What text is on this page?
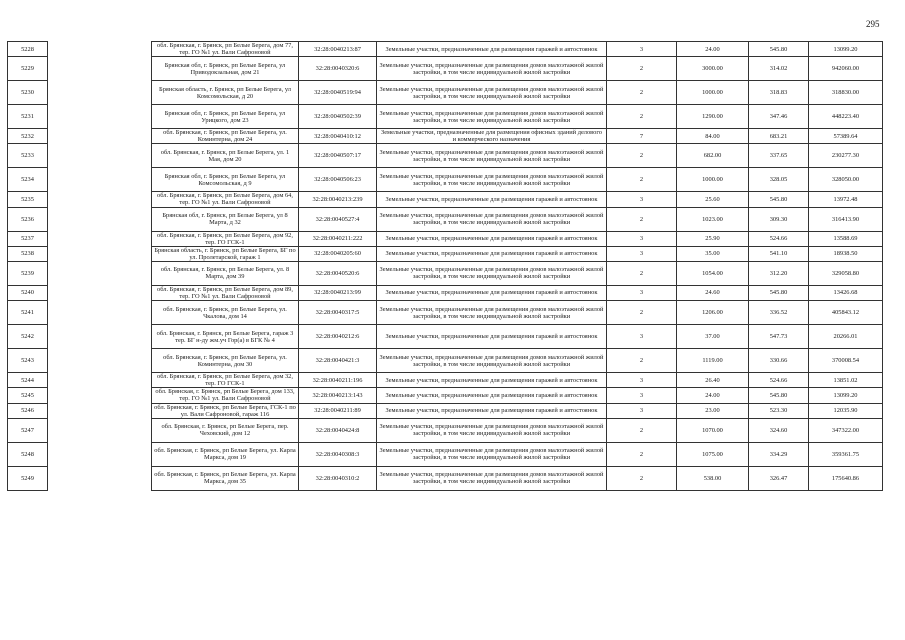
295
5228		обл. Брянская, г. Брянск, рп Белые Берега, дом 77, тер. ГО №1 ул. Вали Сафроновой	32:28:0040213:87	Земельные участки, предназначенные для размещения гаражей и автостоянок	3	24.00	545.80	13099.20
5229		Брянская обл, г. Брянск, рп Белые Берега, ул Приводокзальная, дом 21	32:28:0040320:6	Земельные участки, предназначенные для размещения домов малоэтажной жилой застройки, в том числе индивидуальной жилой застройки	2	3000.00	314.02	942060.00
5230		Брянская область, г. Брянск, рп Белые Берега, ул Комсомольская, д 20	32:28:0040519:94	Земельные участки, предназначенные для размещения домов малоэтажной жилой застройки, в том числе индивидуальной жилой застройки	2	1000.00	318.83	318830.00
5231		Брянская обл, г. Брянск, рп Белые Берега, ул Урицкого, дом 23	32:28:0040502:39	Земельные участки, предназначенные для размещения домов малоэтажной жилой застройки, в том числе индивидуальной жилой застройки	2	1290.00	347.46	448223.40
5232		обл. Брянская, г. Брянск, рп Белые Берега, ул. Коминтерна, дом 24	32:28:0040410:12	Земельные участки, предназначенные для размещения офисных зданий делового и коммерческого назначения	7	84.00	683.21	57389.64
5233		обл. Брянская, г. Брянск, рп Белые Берега, ул. 1 Мая, дом 20	32:28:0040507:17	Земельные участки, предназначенные для размещения домов малоэтажной жилой застройки, в том числе индивидуальной жилой застройки	2	682.00	337.65	230277.30
5234		Брянская обл, г. Брянск, рп Белые Берега, ул Комсомольская, д 9	32:28:0040506:23	Земельные участки, предназначенные для размещения домов малоэтажной жилой застройки, в том числе индивидуальной жилой застройки	2	1000.00	328.05	328050.00
5235		обл. Брянская, г. Брянск, рп Белые Берега, дом 64, тер. ГО №1 ул. Вали Сафроновой	32:28:0040213:239	Земельные участки, предназначенные для размещения гаражей и автостоянок	3	25.60	545.80	13972.48
5236		Брянская обл, г. Брянск, рп Белые Берега, ул 8 Марта, д 32	32:28:0040527:4	Земельные участки, предназначенные для размещения домов малоэтажной жилой застройки, в том числе индивидуальной жилой застройки	2	1023.00	309.30	316413.90
5237		обл. Брянская, г. Брянск, рп Белые Берега, дом 92, тер. ГО ГСК-1	32:28:0040211:222	Земельные участки, предназначенные для размещения гаражей и автостоянок	3	25.90	524.66	13588.69
5238		Брянская область, г. Брянск, рп Белые Берега, БГ по ул. Пролетарской, гараж 1	32:28:0040205:60	Земельные участки, предназначенные для размещения гаражей и автостоянок	3	35.00	541.10	18938.50
5239		обл. Брянская, г. Брянск, рп Белые Берега, ул. 8 Марта, дом 39	32:28:0040520:6	Земельные участки, предназначенные для размещения домов малоэтажной жилой застройки, в том числе индивидуальной жилой застройки	2	1054.00	312.20	329058.80
5240		обл. Брянская, г. Брянск, рп Белые Берега, дом 89, тер. ГО №1 ул. Вали Сафроновой	32:28:0040213:99	Земельные участки, предназначенные для размещения гаражей и автостоянок	3	24.60	545.80	13426.68
5241		обл. Брянская, г. Брянск, рп Белые Берега, ул. Чкалова, дом 14	32:28:0040317:5	Земельные участки, предназначенные для размещения домов малоэтажной жилой застройки, в том числе индивидуальной жилой застройки	2	1206.00	336.52	405843.12
5242		обл. Брянская, г. Брянск, рп Белые Берега, гараж 3 тер. БГ н-ду жм.уч Гор(а) в БГК № 4	32:28:0040212:6	Земельные участки, предназначенные для размещения гаражей и автостоянок	3	37.00	547.73	20266.01
5243		обл. Брянская, г. Брянск, рп Белые Берега, ул. Коминтерна, дом 30	32:28:0040421:3	Земельные участки, предназначенные для размещения домов малоэтажной жилой застройки, в том числе индивидуальной жилой застройки	2	1119.00	330.66	370008.54
5244		обл. Брянская, г. Брянск, рп Белые Берега, дом 32, тер. ГО ГСК-1	32:28:0040211:196	Земельные участки, предназначенные для размещения гаражей и автостоянок	3	26.40	524.66	13851.02
5245		обл. Брянская, г. Брянск, рп Белые Берега, дом 133, тер. ГО №1 ул. Вали Сафроновой	32:28:0040213:143	Земельные участки, предназначенные для размещения гаражей и автостоянок	3	24.00	545.80	13099.20
5246		обл. Брянская, г. Брянск, рп Белые Берега, ГСК-1 по ул. Вали Сафроновой, гараж 116	32:28:0040211:89	Земельные участки, предназначенные для размещения гаражей и автостоянок	3	23.00	523.30	12035.90
5247		обл. Брянская, г. Брянск, рп Белые Берега, пер. Чеховский, дом 12	32:28:0040424:8	Земельные участки, предназначенные для размещения домов малоэтажной жилой застройки, в том числе индивидуальной жилой застройки	2	1070.00	324.60	347322.00
5248		обл. Брянская, г. Брянск, рп Белые Берега, ул. Карла Маркса, дом 19	32:28:0040308:3	Земельные участки, предназначенные для размещения домов малоэтажной жилой застройки, в том числе индивидуальной жилой застройки	2	1075.00	334.29	359361.75
5249		обл. Брянская, г. Брянск, рп Белые Берега, ул. Карла Маркса, дом 35	32:28:0040310:2	Земельные участки, предназначенные для размещения домов малоэтажной жилой застройки, в том числе индивидуальной жилой застройки	2	538.00	326.47	175640.86
